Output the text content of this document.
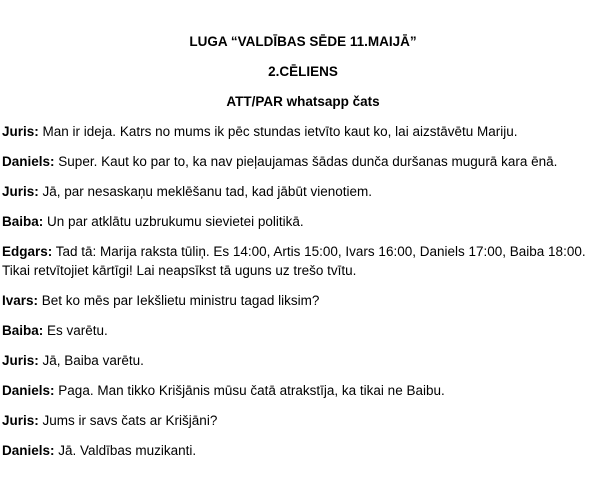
LUGA “VALDĪBAS SĒDE 11.MAIJĀ”
2.CĒLIENS
ATT/PAR whatsapp čats
Juris: Man ir ideja. Katrs no mums ik pēc stundas ietvīto kaut ko, lai aizstāvētu Mariju.
Daniels: Super. Kaut ko par to, ka nav pieļaujamas šādas dunča duršanas mugurā kara ēnā.
Juris: Jā, par nesaskaņu meklēšanu tad, kad jābūt vienotiem.
Baiba: Un par atklātu uzbrukumu sievietei politikā.
Edgars: Tad tā: Marija raksta tūliņ. Es 14:00, Artis 15:00, Ivars 16:00, Daniels 17:00, Baiba 18:00. Tikai retvītojiet kārtīgi! Lai neapsīkst tā uguns uz trešo tvītu.
Ivars: Bet ko mēs par Iekšlietu ministru tagad liksim?
Baiba: Es varētu.
Juris: Jā, Baiba varētu.
Daniels: Paga. Man tikko Krišjānis mūsu čatā atrakstīja, ka tikai ne Baibu.
Juris: Jums ir savs čats ar Krišjāni?
Daniels: Jā. Valdības muzikanti.
